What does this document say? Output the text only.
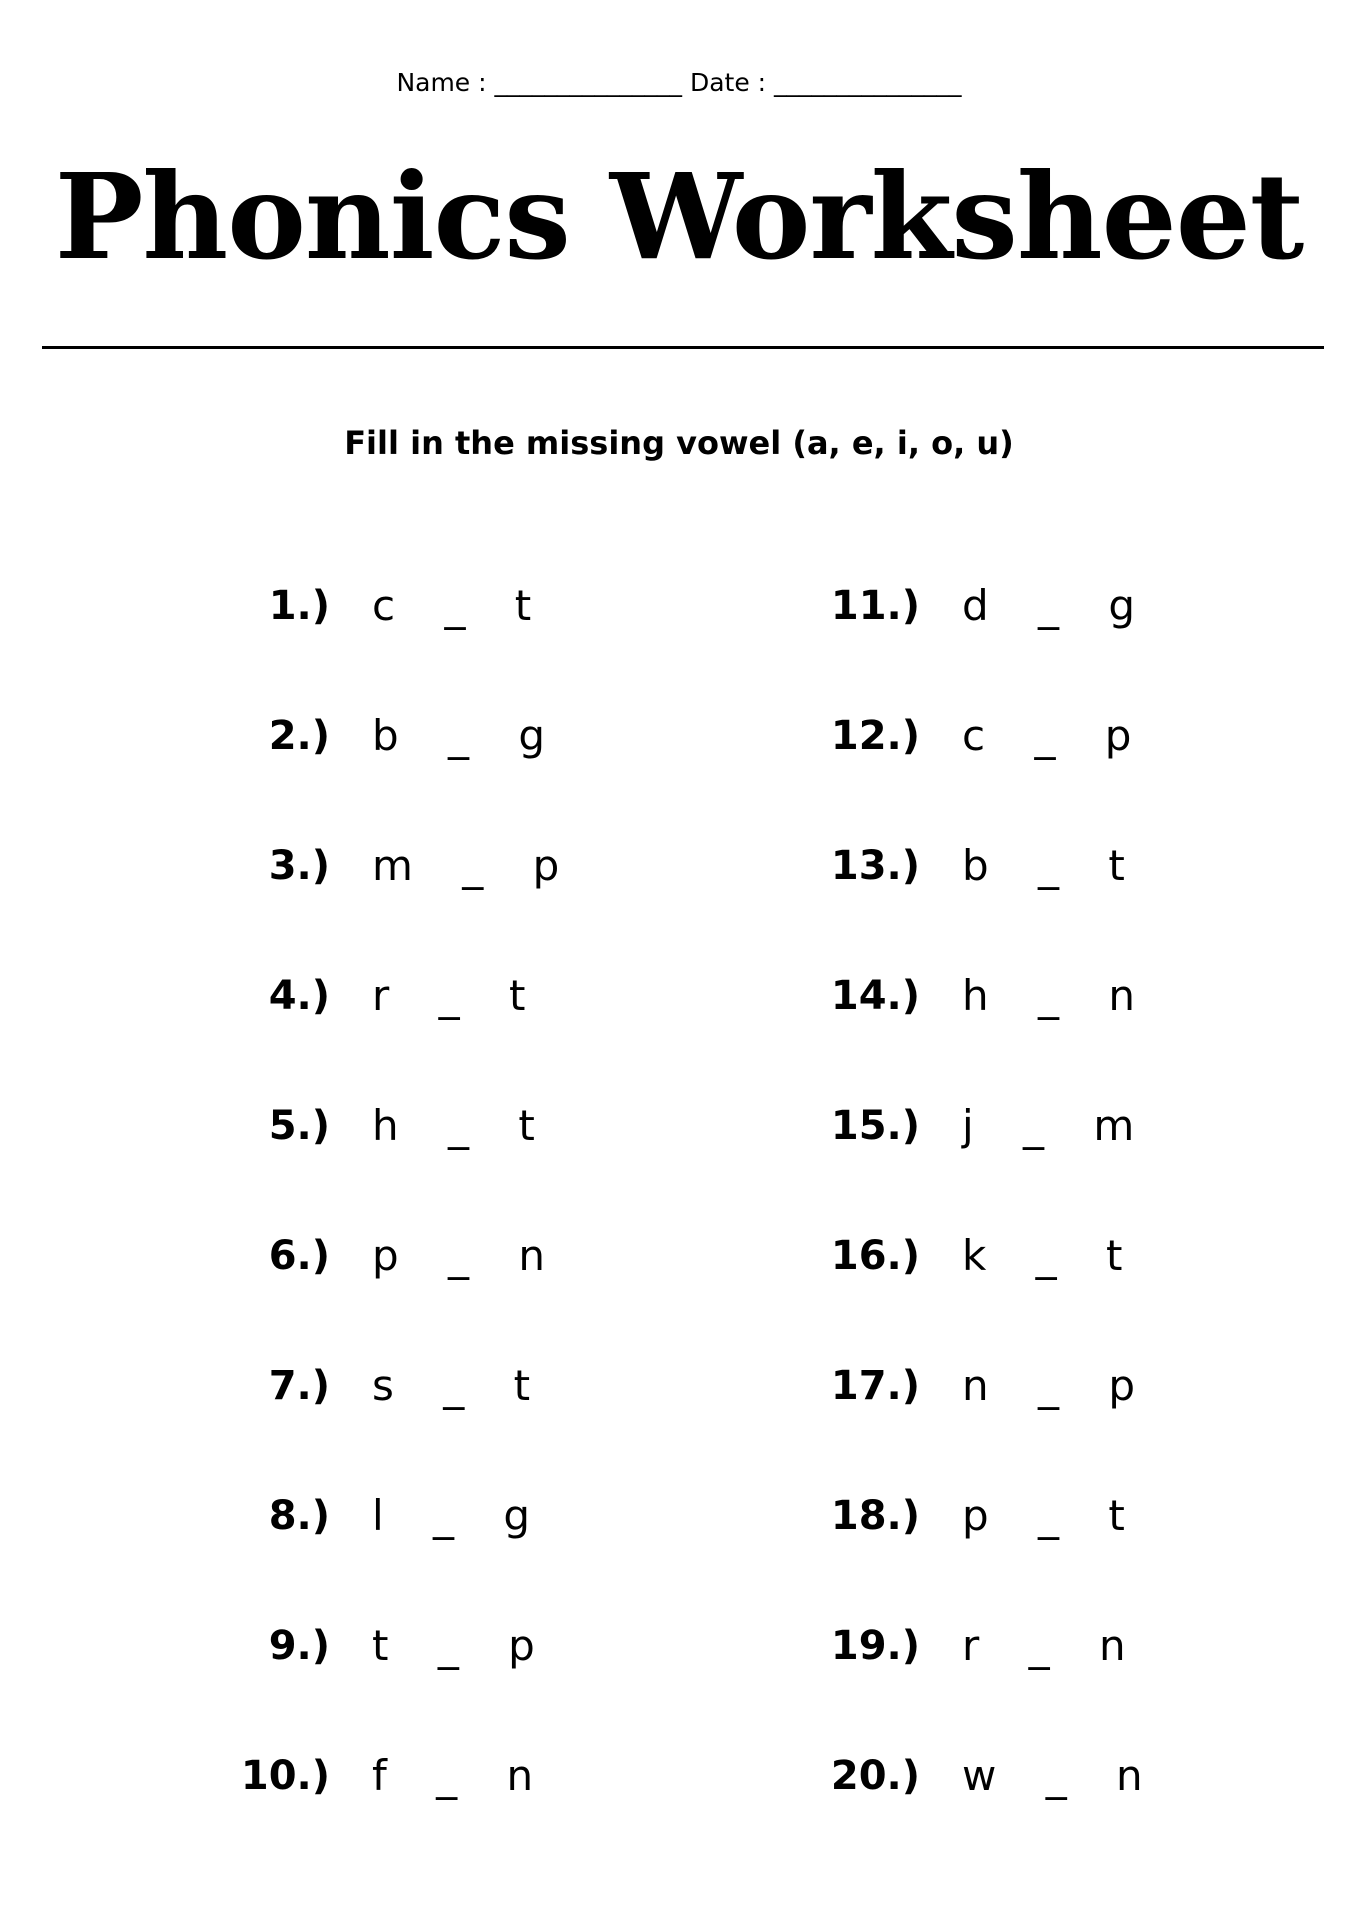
Name : _______________ Date : _______________
Phonics Worksheet
Fill in the missing vowel (a, e, i, o, u)
1.) c _ t
2.) b _ g
3.) m _ p
4.) r _ t
5.) h _ t
6.) p _ n
7.) s _ t
8.) l _ g
9.) t _ p
10.) f _ n
11.) d _ g
12.) c _ p
13.) b _ t
14.) h _ n
15.) j _ m
16.) k _ t
17.) n _ p
18.) p _ t
19.) r _ n
20.) w _ n
